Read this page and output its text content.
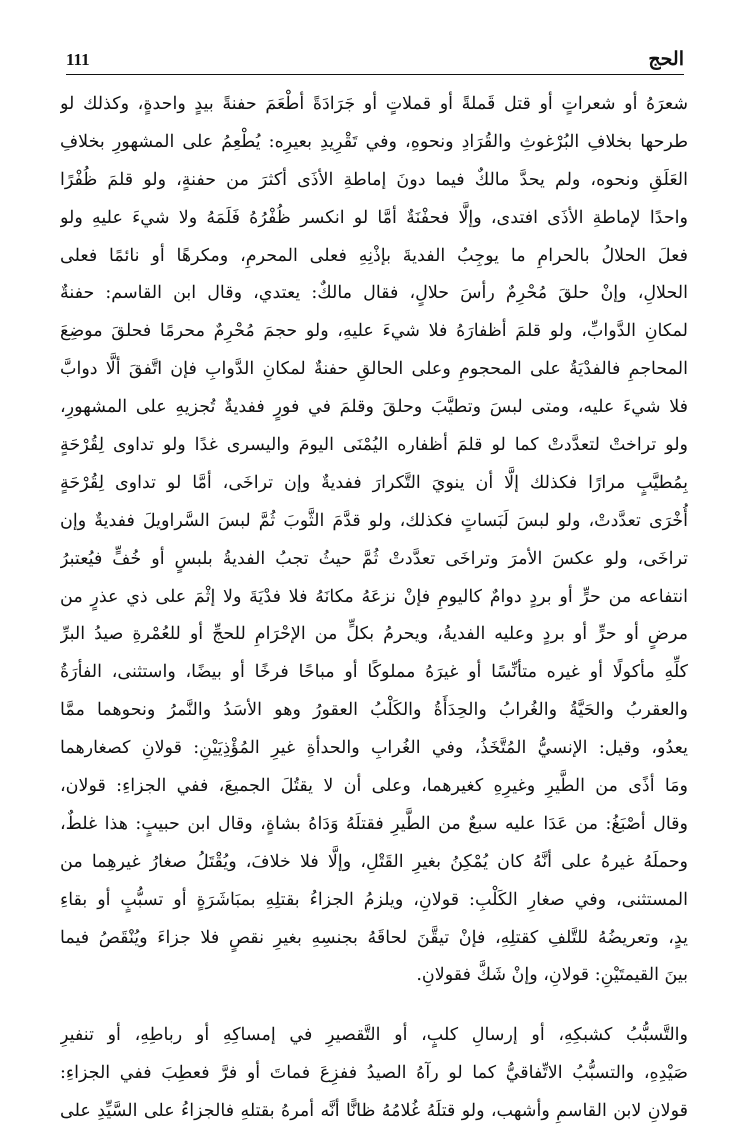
الحج
111
شعرَهُ أو شعراتٍ أو قتل قَملةً أو قملاتٍ أو جَرَادَةً أطْعَمَ حفنةً بيدٍ واحدةٍ، وكذلك لو
طرحها بخلافِ البُرْغوثِ والقُرَادِ ونحوهِ، وفي تَقْرِيدِ بعيرِه: يُطْعِمُ على المشهورِ بخلافِ
العَلَقِ ونحوه، ولم يحدَّ مالكٌ فيما دونَ إماطةِ الأذَى أكثرَ من حفنةٍ، ولو قلمَ ظُفْرًا
واحدًا لإماطةِ الأذَى افتدى، وإلَّا فحفْنَةٌ أمَّا لو انكسر ظُفْرُهُ فَلَمَهُ ولا شيءَ عليهِ ولو
فعلَ الحلالُ بالحرامِ ما يوجِبُ الفديةَ بإذْنِهِ فعلى المحرمِ، ومكرهًا أو نائمًا فعلى
الحلالِ، وإنْ حلقَ مُحْرِمٌ رأسَ حلالٍ، فقال مالكٌ: يعتدي، وقال ابن القاسم: حفنةٌ
لمكانِ الدَّوابِّ، ولو قلمَ أظفارَهُ فلا شيءَ عليهِ، ولو حجمَ مُحْرِمٌ محرمًا فحلقَ موضِعَ
المحاجمِ فالفدْيَةُ على المحجومِ وعلى الحالقِ حفنةٌ لمكانِ الدَّوابِ فإن اتَّفقَ ألَّا دوابَّ
فلا شيءَ عليه، ومتى لبسَ وتطيَّبَ وحلقَ وقلمَ في فورٍ ففديةٌ تُجزيهِ على المشهورِ،
ولو تراختْ لتعدَّدتْ كما لو قلمَ أظفاره اليُمْنَى اليومَ واليسرى غدًا ولو تداوى لِقُرْحَةٍ
بِمُطيَّبٍ مرارًا فكذلك إلَّا أن ينويَ التَّكرارَ ففديةٌ وإن تراخَى، أمَّا لو تداوى لِقُرْحَةٍ
أُخْرَى تعدَّدتْ، ولو لبسَ لَبَساتٍ فكذلك، ولو قدَّمَ الثَّوبَ ثُمَّ لبسَ السَّراويلَ ففديةٌ وإن
تراخَى، ولو عكسَ الأمرَ وتراخَى تعدَّدتْ ثُمَّ حيثُ تجبُ الفديةُ بلبسٍ أو خُفٍّ فيُعتبرُ
انتفاعه من حرٍّ أو بردٍ دوامٌ كاليومِ فإنْ نزعَهُ مكانَهُ فلا فدْيَةَ ولا إثْمَ على ذي عذرٍ من
مرضٍ أو حرٍّ أو بردٍ وعليه الفديةُ، ويحرمُ بكلٍّ من الإحْرَامِ للحجِّ أو للعُمْرةِ صيدُ البرِّ
كلِّهِ مأكولًا أو غيره متأنِّسًا أو غيرَهُ مملوكًا أو مباحًا فرخًا أو بيضًا، واستثنى، الفأرَةُ
والعقربُ والحَيَّةُ والغُرابُ والحِدَأَةُ والكَلْبُ العقورُ وهو الأسَدُ والنَّمرُ ونحوهما ممَّا
يعدُو، وقيل: الإنسيُّ المُتَّخَذُ، وفي الغُرابِ والحدأةِ غيرِ المُؤْذِيَيْنِ: قولانِ كصغارهما
ومَا أذًى من الطَّيرِ وغيرِهِ كغيرهما، وعلى أن لا يقتُلَ الجميعَ، ففي الجزاءِ: قولان،
وقال أصْبَغُ: من عَدَا عليه سبعٌ من الطَّيرِ فقتلَهُ وَدَاهُ بشاةٍ، وقال ابن حبيبٍ: هذا غلطٌ،
وحملَهُ غيرهُ على أنَّهُ كان يُمْكِنُ بغيرِ القَتْلِ، وإلَّا فلا خلافَ، ويُقْتَلُ صغارُ غيرهِما من
المستثنى، وفي صغارِ الكَلْبِ: قولانِ، ويلزمُ الجزاءُ بقتلِهِ بمبَاشَرَةٍ أو تسبُّبٍ أو بقاءِ
يدٍ، وتعريضُهُ للتَّلفِ كقتلِهِ، فإنْ تيقَّنَ لحاقَهُ بجنسِهِ بغيرِ نقصٍ فلا جزاءَ ويُنْقَصُ فيما
بينَ القيمتَيْنِ: قولانِ، وإنْ شَكَّ فقولانِ.
والتَّسبُّبُ كشبكِهِ، أو إرسالِ كلبٍ، أو التَّقصيرِ في إمساكِهِ أو رباطِهِ، أو تنفيرِ
صَيْدِهِ، والتسبُّبُ الاتِّفاقيُّ كما لو رآهُ الصيدُ ففزِعَ فماتَ أو فرَّ فعطِبَ ففي الجزاءِ:
قولانِ لابن القاسمِ وأشهب، ولو قتلَهُ غُلامُهُ ظانًّا أنَّه أمرهُ بقتلهِ فالجزاءُ على السَّيِّدِ على
